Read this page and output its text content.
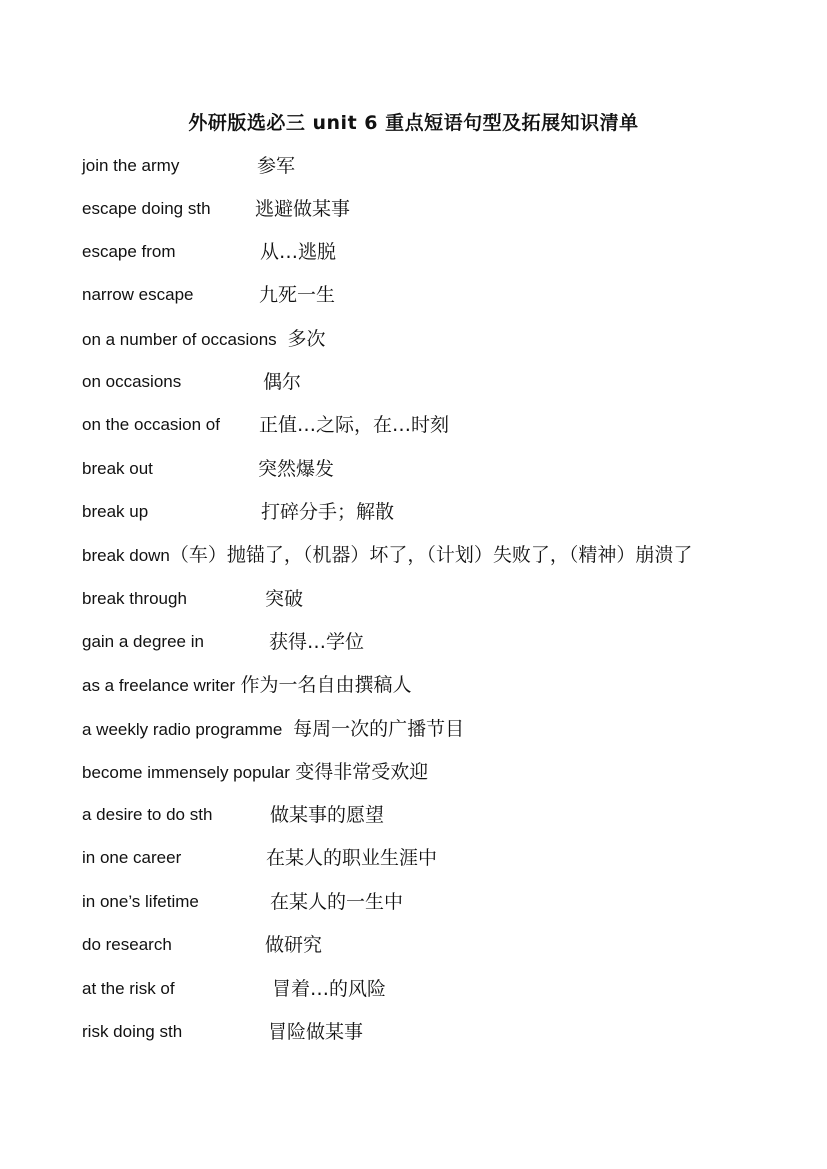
外研版选必三 unit 6 重点短语句型及拓展知识清单
join the army	参军
escape doing sth 逃避做某事
escape from	从…逃脱
narrow escape	九死一生
on a number of occasions 多次
on occasions	偶尔
on the occasion of 正值…之际，在…时刻
break out	突然爆发
break up	打碎分手；解散
break down（车）抛锚了，（机器）坏了，（计划）失败了，（精神）崩溃了
break through	突破
gain a degree in	获得…学位
as a freelance writer 作为一名自由撰稿人
a weekly radio programme 每周一次的广播节目
become immensely popular 变得非常受欢迎
a desire to do sth	做某事的愿望
in one career	在某人的职业生涯中
in one’s lifetime	在某人的一生中
do research	做研究
at the risk of	冒着…的风险
risk doing sth	冒险做某事
